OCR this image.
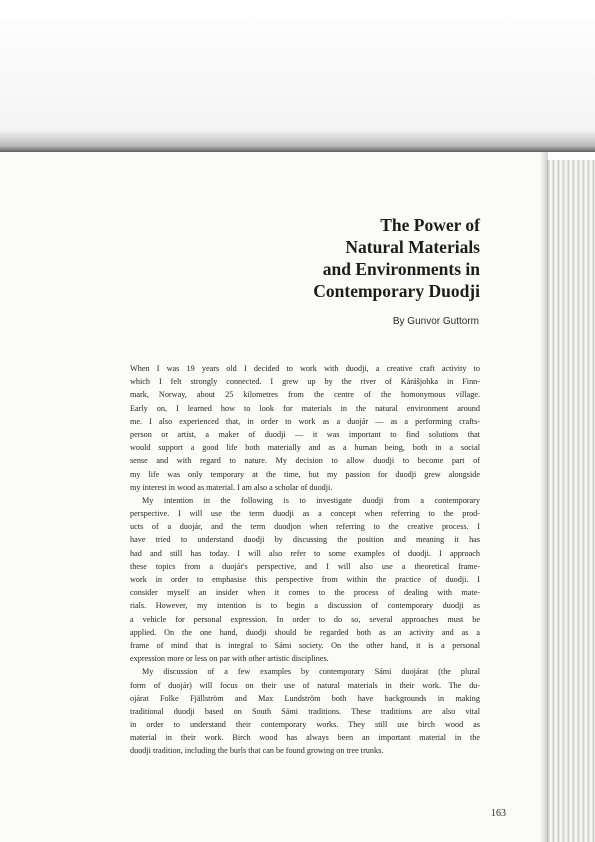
The Power of
Natural Materials
and Environments in
Contemporary Duodji
By Gunvor Guttorm
When I was 19 years old I decided to work with duodji, a creative craft activity to
which I felt strongly connected. I grew up by the river of Kárášjohka in Finn-
mark, Norway, about 25 kilometres from the centre of the homonymous village.
Early on, I learned how to look for materials in the natural environment around
me. I also experienced that, in order to work as a duojár — as a performing crafts-
person or artist, a maker of duodji — it was important to find solutions that
would support a good life both materially and as a human being, both in a social
sense and with regard to nature. My decision to allow duodji to become part of
my life was only temporary at the time, but my passion for duodji grew alongside
my interest in wood as material. I am also a scholar of duodji.
My intention in the following is to investigate duodji from a contemporary
perspective. I will use the term duodji as a concept when referring to the prod-
ucts of a duojár, and the term duodjon when referring to the creative process. I
have tried to understand duodji by discussing the position and meaning it has
had and still has today. I will also refer to some examples of duodji. I approach
these topics from a duojár's perspective, and I will also use a theoretical frame-
work in order to emphasise this perspective from within the practice of duodji. I
consider myself an insider when it comes to the process of dealing with mate-
rials. However, my intention is to begin a discussion of contemporary duodji as
a vehicle for personal expression. In order to do so, several approaches must be
applied. On the one hand, duodji should be regarded both as an activity and as a
frame of mind that is integral to Sámi society. On the other hand, it is a personal
expression more or less on par with other artistic disciplines.
My discussion of a few examples by contemporary Sámi duojárat (the plural
form of duojár) will focus on their use of natural materials in their work. The du-
ojárat Folke Fjällström and Max Lundström both have backgrounds in making
traditional duodji based on South Sámi traditions. These traditions are also vital
in order to understand their contemporary works. They still use birch wood as
material in their work. Birch wood has always been an important material in the
duodji tradition, including the burls that can be found growing on tree trunks.
163
